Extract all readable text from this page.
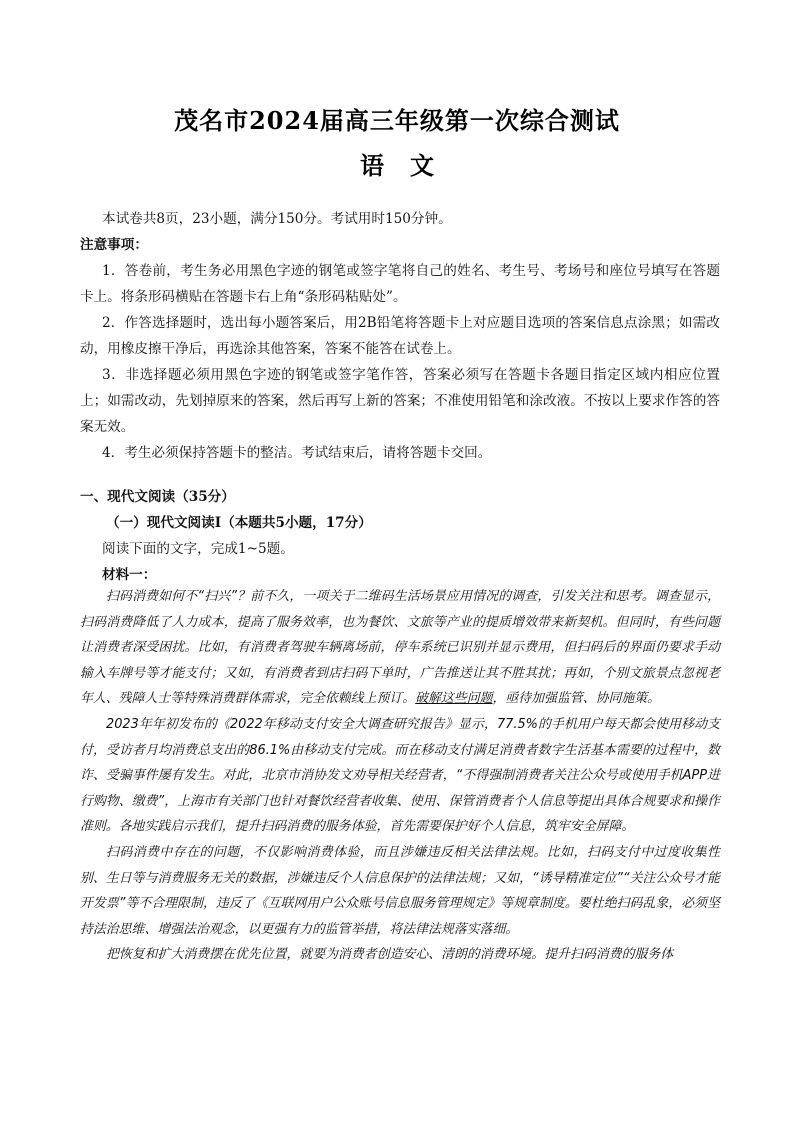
茂名市2024届高三年级第一次综合测试
语文

本试卷共8页，23小题，满分150分。考试用时150分钟。

注意事项：

1．答卷前，考生务必用黑色字迹的钢笔或签字笔将自己的姓名、考生号、考场号和座位号填写在答题卡上。将条形码横贴在答题卡右上角“条形码粘贴处”。

2．作答选择题时，选出每小题答案后，用2B铅笔将答题卡上对应题目选项的答案信息点涂黑；如需改动，用橡皮擦干净后，再选涂其他答案，答案不能答在试卷上。

3．非选择题必须用黑色字迹的钢笔或签字笔作答，答案必须写在答题卡各题目指定区域内相应位置上；如需改动，先划掉原来的答案，然后再写上新的答案；不准使用铅笔和涂改液。不按以上要求作答的答案无效。

4．考生必须保持答题卡的整洁。考试结束后，请将答题卡交回。

一、现代文阅读（35分）

（一）现代文阅读Ⅰ（本题共5小题，17分）

阅读下面的文字，完成1~5题。

材料一：

扫码消费如何不“扫兴”？前不久，一项关于二维码生活场景应用情况的调查，引发关注和思考。调查显示，扫码消费降低了人力成本，提高了服务效率，也为餐饮、文旅等产业的提质增效带来新契机。但同时，有些问题让消费者深受困扰。比如，有消费者驾驶车辆离场前，停车系统已识别并显示费用，但扫码后的界面仍要求手动输入车牌号等才能支付；又如，有消费者到店扫码下单时，广告推送让其不胜其扰；再如，个别文旅景点忽视老年人、残障人士等特殊消费群体需求，完全依赖线上预订。破解这些问题，亟待加强监管、协同施策。

2023年年初发布的《2022年移动支付安全大调查研究报告》显示，77.5%的手机用户每天都会使用移动支付，受访者月均消费总支出的86.1%由移动支付完成。而在移动支付满足消费者数字生活基本需要的过程中，数诈、受骗事件屡有发生。对此，北京市消协发文劝导相关经营者，“不得强制消费者关注公众号或使用手机APP进行购物、缴费”，上海市有关部门也针对餐饮经营者收集、使用、保管消费者个人信息等提出具体合规要求和操作准则。各地实践启示我们，提升扫码消费的服务体验，首先需要保护好个人信息，筑牢安全屏障。

扫码消费中存在的问题，不仅影响消费体验，而且涉嫌违反相关法律法规。比如，扫码支付中过度收集性别、生日等与消费服务无关的数据，涉嫌违反个人信息保护的法律法规；又如，“诱导精准定位”“关注公众号才能开发票”等不合理限制，违反了《互联网用户公众账号信息服务管理规定》等规章制度。要杜绝扫码乱象，必须坚持法治思维、增强法治观念，以更强有力的监管举措，将法律法规落实落细。

把恢复和扩大消费摆在优先位置，就要为消费者创造安心、清朗的消费环境。提升扫码消费的服务体
